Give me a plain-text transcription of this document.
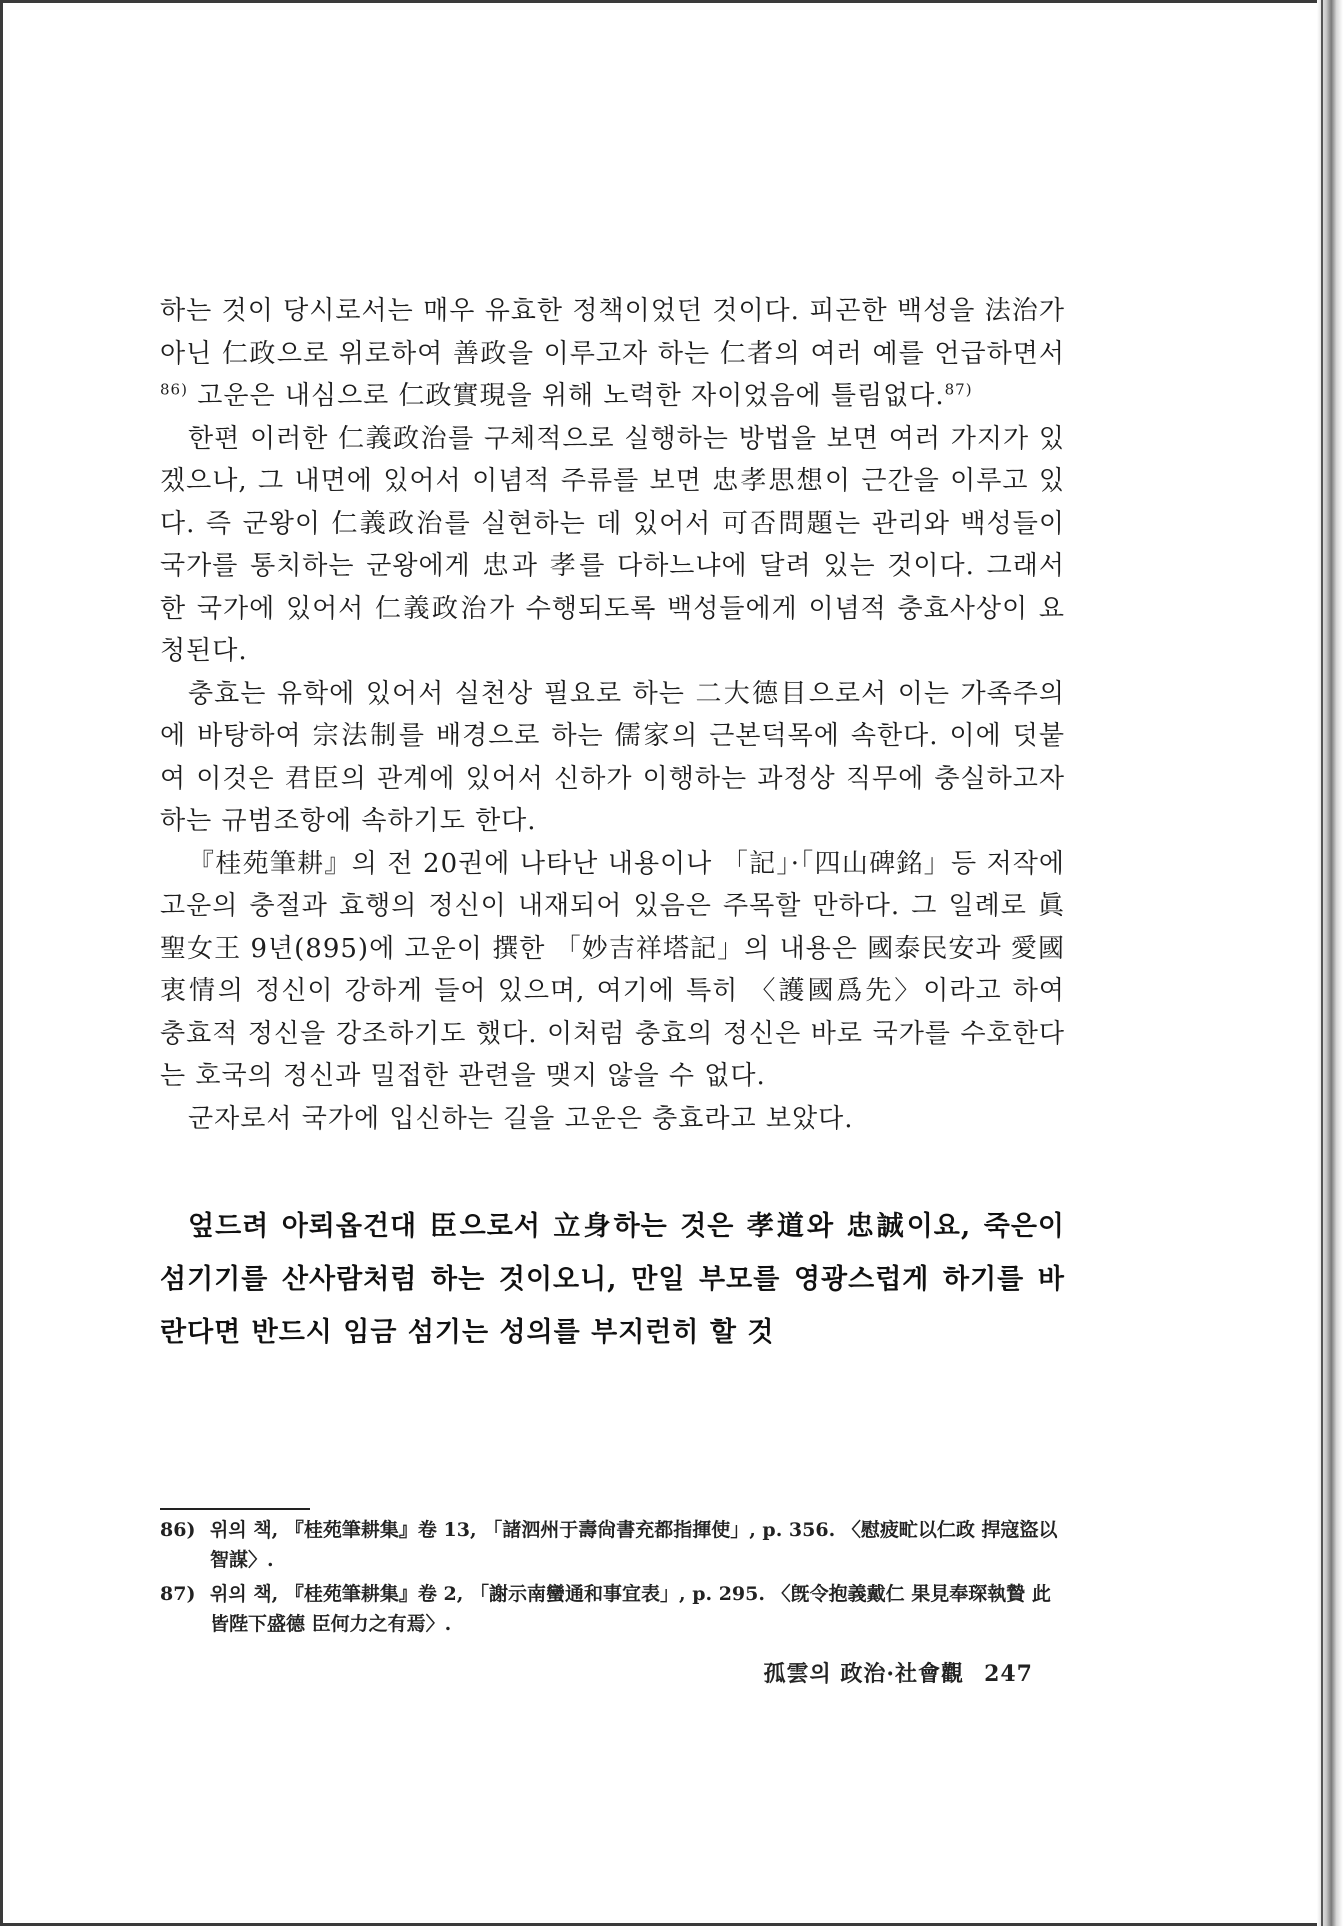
하는 것이 당시로서는 매우 유효한 정책이었던 것이다. 피곤한 백성을 法治가 아닌 仁政으로 위로하여 善政을 이루고자 하는 仁者의 여러 예를 언급하면서$^{86)}$ 고운은 내심으로 仁政實現을 위해 노력한 자이었음에 틀림없다.$^{87)}$

한편 이러한 仁義政治를 구체적으로 실행하는 방법을 보면 여러 가지가 있겠으나, 그 내면에 있어서 이념적 주류를 보면 忠孝思想이 근간을 이루고 있다. 즉 군왕이 仁義政治를 실현하는 데 있어서 可否問題는 관리와 백성들이 국가를 통치하는 군왕에게 忠과 孝를 다하느냐에 달려 있는 것이다. 그래서 한 국가에 있어서 仁義政治가 수행되도록 백성들에게 이념적 충효사상이 요청된다.

충효는 유학에 있어서 실천상 필요로 하는 二大德目으로서 이는 가족주의에 바탕하여 宗法制를 배경으로 하는 儒家의 근본덕목에 속한다. 이에 덧붙여 이것은 君臣의 관계에 있어서 신하가 이행하는 과정상 직무에 충실하고자 하는 규범조항에 속하기도 한다.

『桂苑筆耕』의 전 20권에 나타난 내용이나 「記」·「四山碑銘」등 저작에 고운의 충절과 효행의 정신이 내재되어 있음은 주목할 만하다. 그 일례로 眞聖女王 9년(895)에 고운이 撰한 「妙吉祥塔記」의 내용은 國泰民安과 愛國衷情의 정신이 강하게 들어 있으며, 여기에 특히 〈護國爲先〉이라고 하여 충효적 정신을 강조하기도 했다. 이처럼 충효의 정신은 바로 국가를 수호한다는 호국의 정신과 밀접한 관련을 맺지 않을 수 없다.

군자로서 국가에 입신하는 길을 고운은 충효라고 보았다.

엎드려 아뢰옵건대 臣으로서 立身하는 것은 孝道와 忠誠이요, 죽은이 섬기기를 산사람처럼 하는 것이오니, 만일 부모를 영광스럽게 하기를 바란다면 반드시 임금 섬기는 성의를 부지런히 할 것

86) 위의 책, 『桂苑筆耕集』卷 13, 「諸泗州于壽尙書充都指揮使」, p. 356. 〈慰疲甿以仁政 捍寇盜以智謀〉.
87) 위의 책, 『桂苑筆耕集』卷 2, 「謝示南蠻通和事宜表」, p. 295. 〈旣令抱義戴仁 果見奉琛執贄 此皆陛下盛德 臣何力之有焉〉.
孤雲의 政治·社會觀 247
